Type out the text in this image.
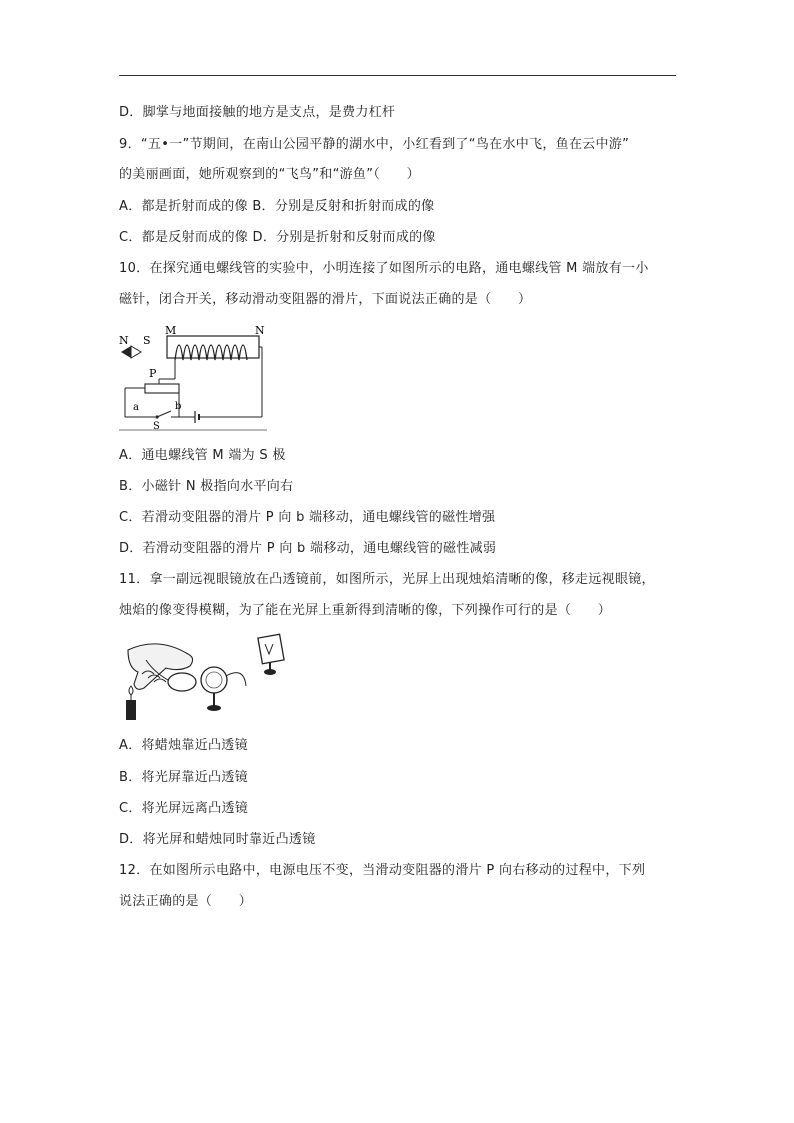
D．脚掌与地面接触的地方是支点，是费力杠杆
9．“五•一”节期间，在南山公园平静的湖水中，小红看到了“鸟在水中飞，鱼在云中游”
的美丽画面，她所观察到的“飞鸟”和“游鱼”（　　）
A．都是折射而成的像 B．分别是反射和折射而成的像
C．都是反射而成的像 D．分别是折射和反射而成的像
10．在探究通电螺线管的实验中，小明连接了如图所示的电路，通电螺线管 M 端放有一小
磁针，闭合开关，移动滑动变阻器的滑片，下面说法正确的是（　　）
N S
M	N
P
a	b
S
A．通电螺线管 M 端为 S 极
B．小磁针 N 极指向水平向右
C．若滑动变阻器的滑片 P 向 b 端移动，通电螺线管的磁性增强
D．若滑动变阻器的滑片 P 向 b 端移动，通电螺线管的磁性减弱
11．拿一副远视眼镜放在凸透镜前，如图所示，光屏上出现烛焰清晰的像，移走远视眼镜，
烛焰的像变得模糊，为了能在光屏上重新得到清晰的像，下列操作可行的是（　　）
A．将蜡烛靠近凸透镜
B．将光屏靠近凸透镜
C．将光屏远离凸透镜
D．将光屏和蜡烛同时靠近凸透镜
12．在如图所示电路中，电源电压不变，当滑动变阻器的滑片 P 向右移动的过程中，下列
说法正确的是（　　）
